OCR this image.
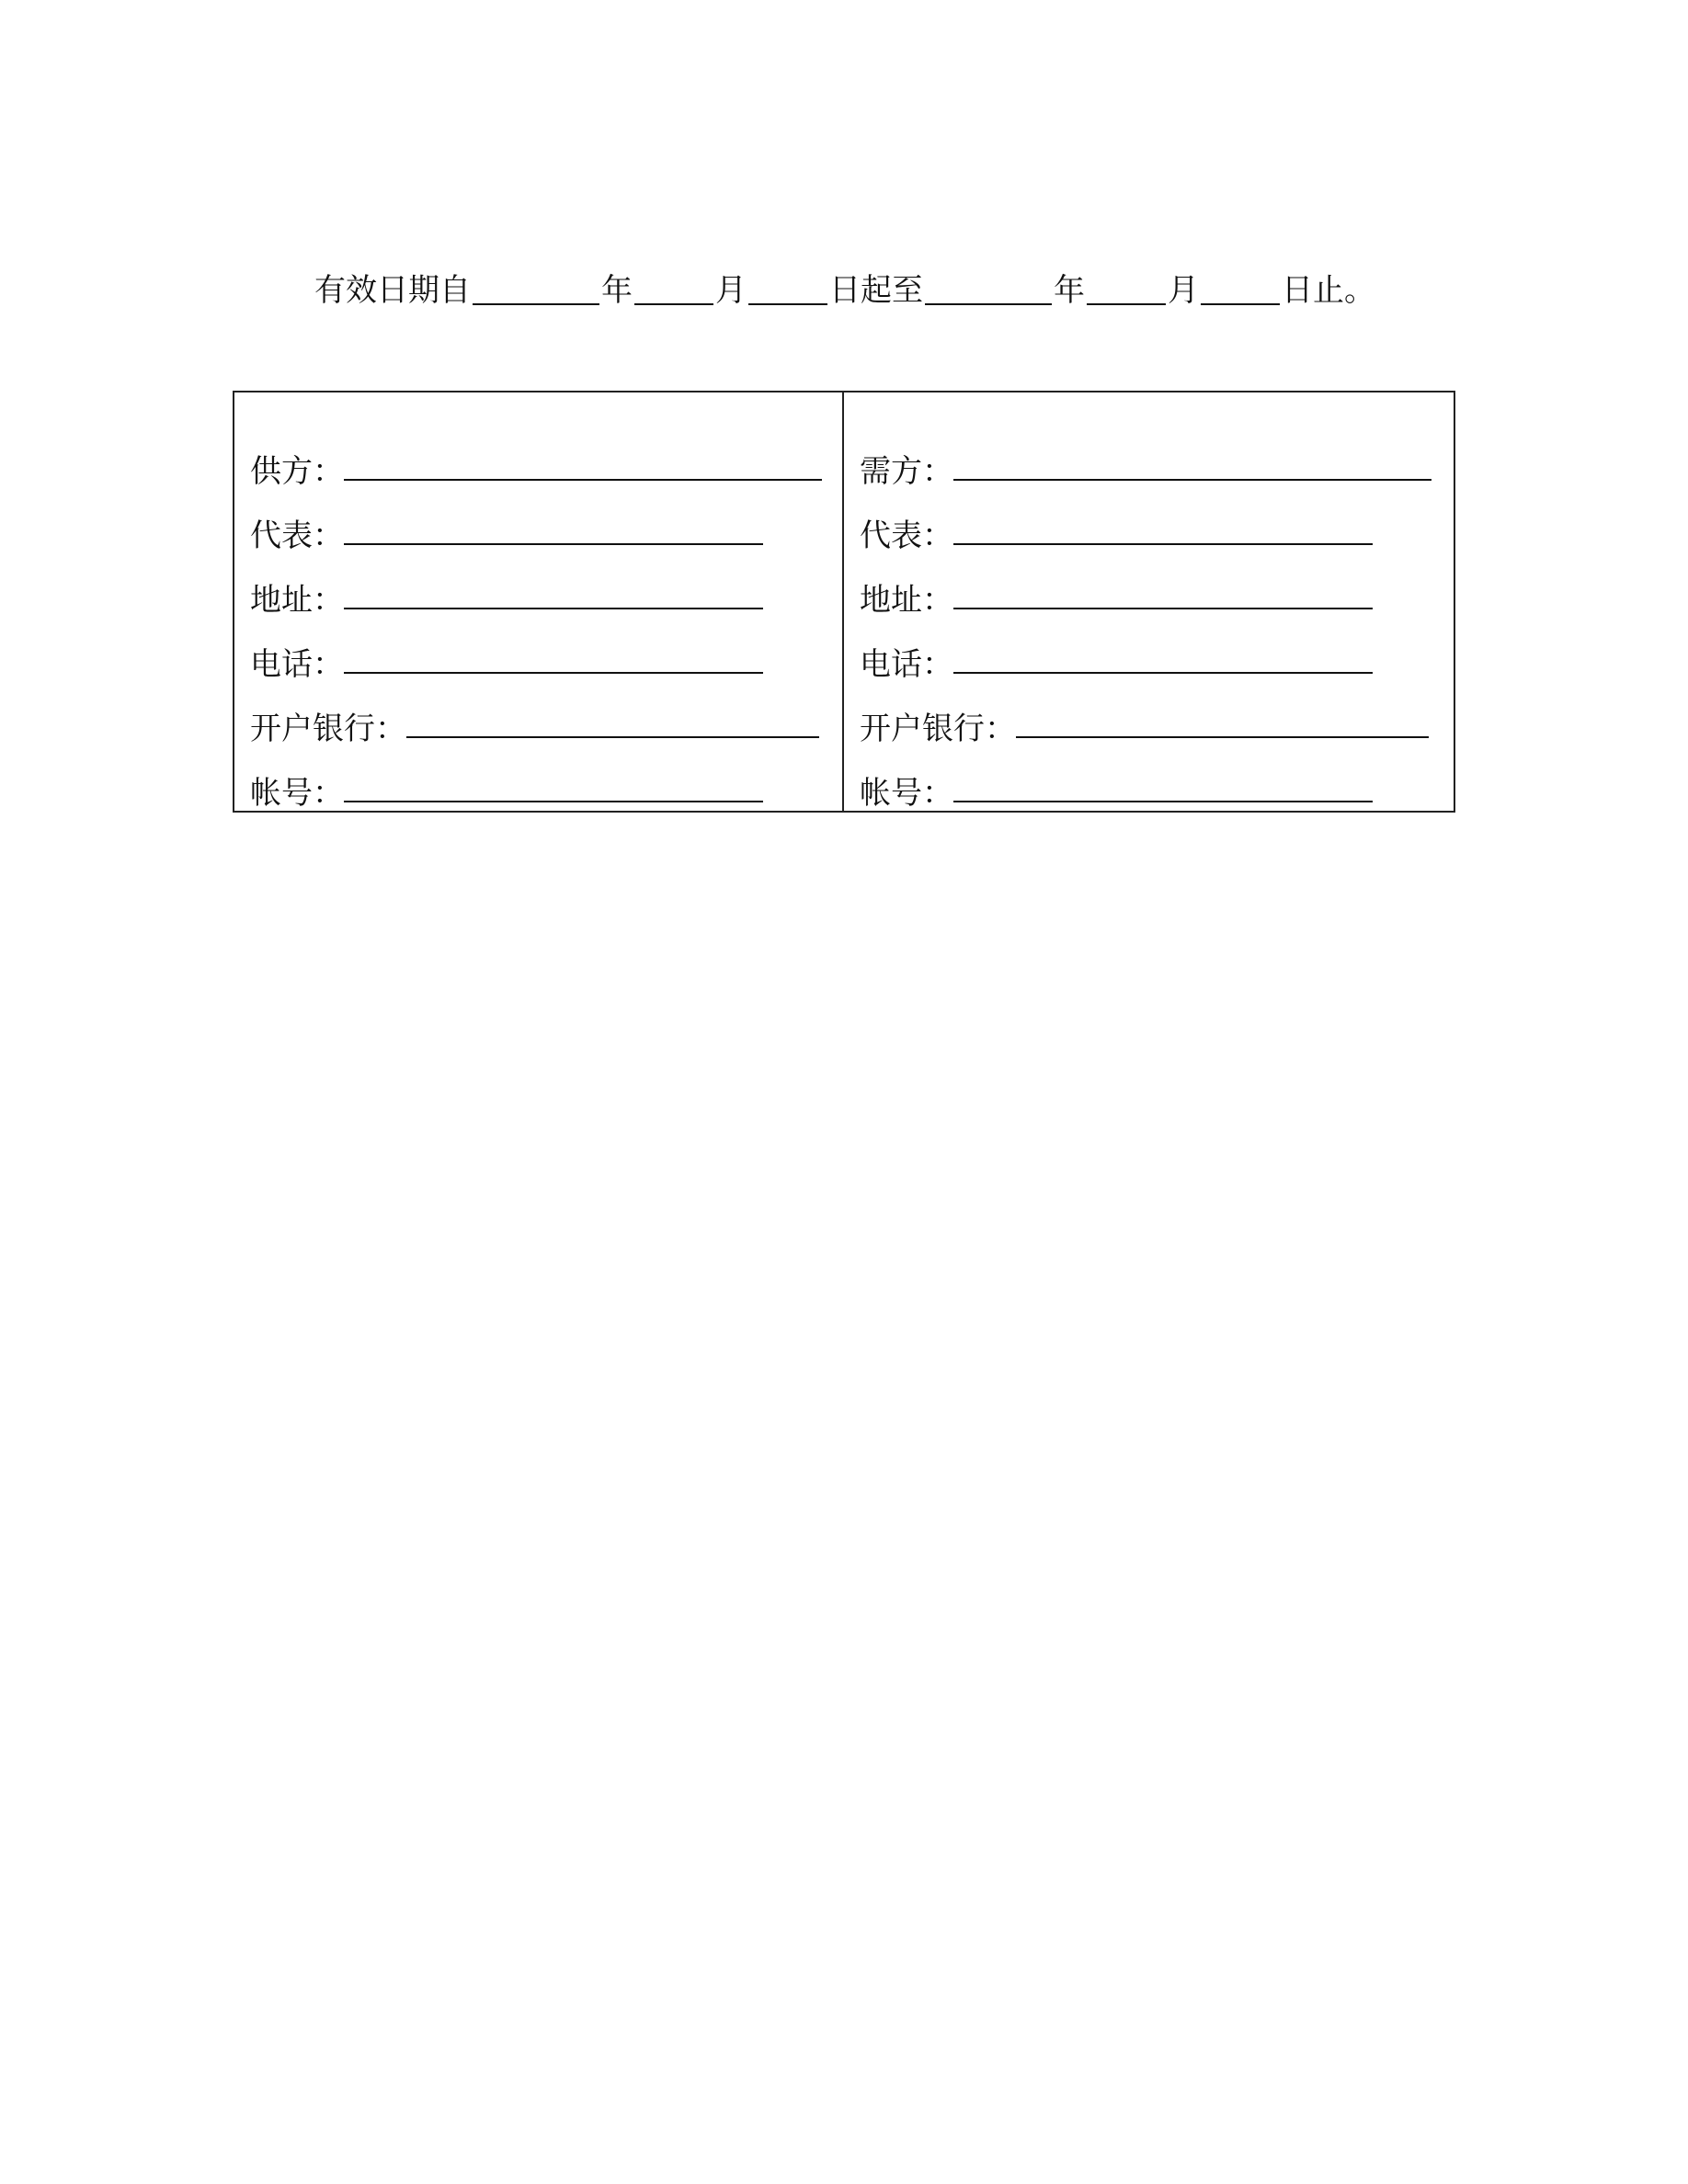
有效日期自	年	月	日起至	年	月	日止。
供方：
代表：
地址：
电话：
开户银行：
帐号：
需方：
代表：
地址：
电话：
开户银行：
帐号：
